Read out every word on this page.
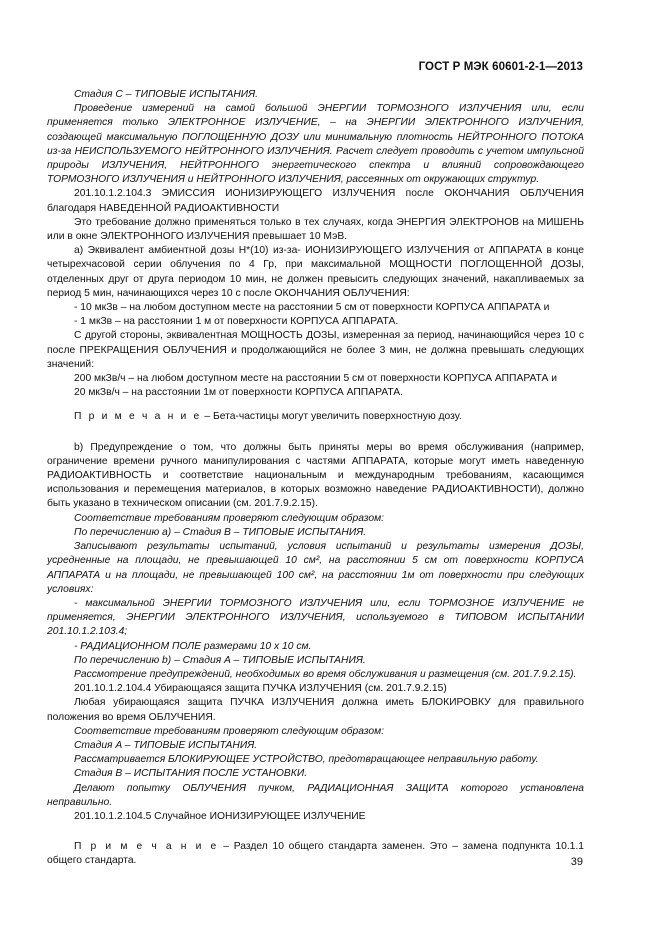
ГОСТ Р МЭК 60601-2-1—2013

Стадия C – ТИПОВЫЕ ИСПЫТАНИЯ.

Проведение измерений на самой большой ЭНЕРГИИ ТОРМОЗНОГО ИЗЛУЧЕНИЯ или, если применяется только ЭЛЕКТРОННОЕ ИЗЛУЧЕНИЕ, – на ЭНЕРГИИ ЭЛЕКТРОННОГО ИЗЛУЧЕНИЯ, создающей максимальную ПОГЛОЩЕННУЮ ДОЗУ или минимальную плотность НЕЙТРОННОГО ПОТОКА из-за НЕИСПОЛЬЗУЕМОГО НЕЙТРОННОГО ИЗЛУЧЕНИЯ. Расчет следует проводить с учетом импульсной природы ИЗЛУЧЕНИЯ, НЕЙТРОННОГО энергетического спектра и влияний сопровождающего ТОРМОЗНОГО ИЗЛУЧЕНИЯ и НЕЙТРОННОГО ИЗЛУЧЕНИЯ, рассеянных от окружающих структур.

201.10.1.2.104.3 ЭМИССИЯ ИОНИЗИРУЮЩЕГО ИЗЛУЧЕНИЯ после ОКОНЧАНИЯ ОБЛУЧЕНИЯ благодаря НАВЕДЕННОЙ РАДИОАКТИВНОСТИ

Это требование должно применяться только в тех случаях, когда ЭНЕРГИЯ ЭЛЕКТРОНОВ на МИШЕНЬ или в окне ЭЛЕКТРОННОГО ИЗЛУЧЕНИЯ превышает 10 МэВ.

а) Эквивалент амбиентной дозы H*(10) из-за- ИОНИЗИРУЮЩЕГО ИЗЛУЧЕНИЯ от АППАРАТА в конце четырехчасовой серии облучения по 4 Гр, при максимальной МОЩНОСТИ ПОГЛОЩЕННОЙ ДОЗЫ, отделенных друг от друга периодом 10 мин, не должен превысить следующих значений, накапливаемых за период 5 мин, начинающихся через 10 с после ОКОНЧАНИЯ ОБЛУЧЕНИЯ:

- 10 мкЗв – на любом доступном месте на расстоянии 5 см от поверхности КОРПУСА АППАРАТА и

- 1 мкЗв – на расстоянии 1 м от поверхности КОРПУСА АППАРАТА.

С другой стороны, эквивалентная МОЩНОСТЬ ДОЗЫ, измеренная за период, начинающийся через 10 с после ПРЕКРАЩЕНИЯ ОБЛУЧЕНИЯ и продолжающийся не более 3 мин, не должна превышать следующих значений:

200 мкЗв/ч – на любом доступном месте на расстоянии 5 см от поверхности КОРПУСА АППАРАТА и

20 мкЗв/ч – на расстоянии 1м от поверхности КОРПУСА АППАРАТА.

П р и м е ч а н и е – Бета-частицы могут увеличить поверхностную дозу.

b) Предупреждение о том, что должны быть приняты меры во время обслуживания (например, ограничение времени ручного манипулирования с частями АППАРАТА, которые могут иметь наведенную РАДИОАКТИВНОСТЬ и соответствие национальным и международным требованиям, касающимся использования и перемещения материалов, в которых возможно наведение РАДИОАКТИВНОСТИ), должно быть указано в техническом описании (см. 201.7.9.2.15).

Соответствие требованиям проверяют следующим образом:

По перечислению a) – Стадия B – ТИПОВЫЕ ИСПЫТАНИЯ.

Записывают результаты испытаний, условия испытаний и результаты измерения ДОЗЫ, усредненные на площади, не превышающей 10 см², на расстоянии 5 см от поверхности КОРПУСА АППАРАТА и на площади, не превышающей 100 см², на расстоянии 1м от поверхности при следующих условиях:

- максимальной ЭНЕРГИИ ТОРМОЗНОГО ИЗЛУЧЕНИЯ или, если ТОРМОЗНОЕ ИЗЛУЧЕНИЕ не применяется, ЭНЕРГИИ ЭЛЕКТРОННОГО ИЗЛУЧЕНИЯ, используемого в ТИПОВОМ ИСПЫТАНИИ 201.10.1.2.103.4;

- РАДИАЦИОННОМ ПОЛЕ размерами 10 х 10 см.

По перечислению b) – Стадия A – ТИПОВЫЕ ИСПЫТАНИЯ.

Рассмотрение предупреждений, необходимых во время обслуживания и размещения (см. 201.7.9.2.15).

201.10.1.2.104.4 Убирающаяся защита ПУЧКА ИЗЛУЧЕНИЯ (см. 201.7.9.2.15)

Любая убирающаяся защита ПУЧКА ИЗЛУЧЕНИЯ должна иметь БЛОКИРОВКУ для правильного положения во время ОБЛУЧЕНИЯ.

Соответствие требованиям проверяют следующим образом:

Стадия A – ТИПОВЫЕ ИСПЫТАНИЯ.

Рассматривается БЛОКИРУЮЩЕЕ УСТРОЙСТВО, предотвращающее неправильную работу.

Стадия B – ИСПЫТАНИЯ ПОСЛЕ УСТАНОВКИ.

Делают попытку ОБЛУЧЕНИЯ пучком, РАДИАЦИОННАЯ ЗАЩИТА которого установлена неправильно.

201.10.1.2.104.5 Случайное ИОНИЗИРУЮЩЕЕ ИЗЛУЧЕНИЕ

П р и м е ч а н и е – Раздел 10 общего стандарта заменен. Это – замена подпункта 10.1.1 общего стандарта.	39
